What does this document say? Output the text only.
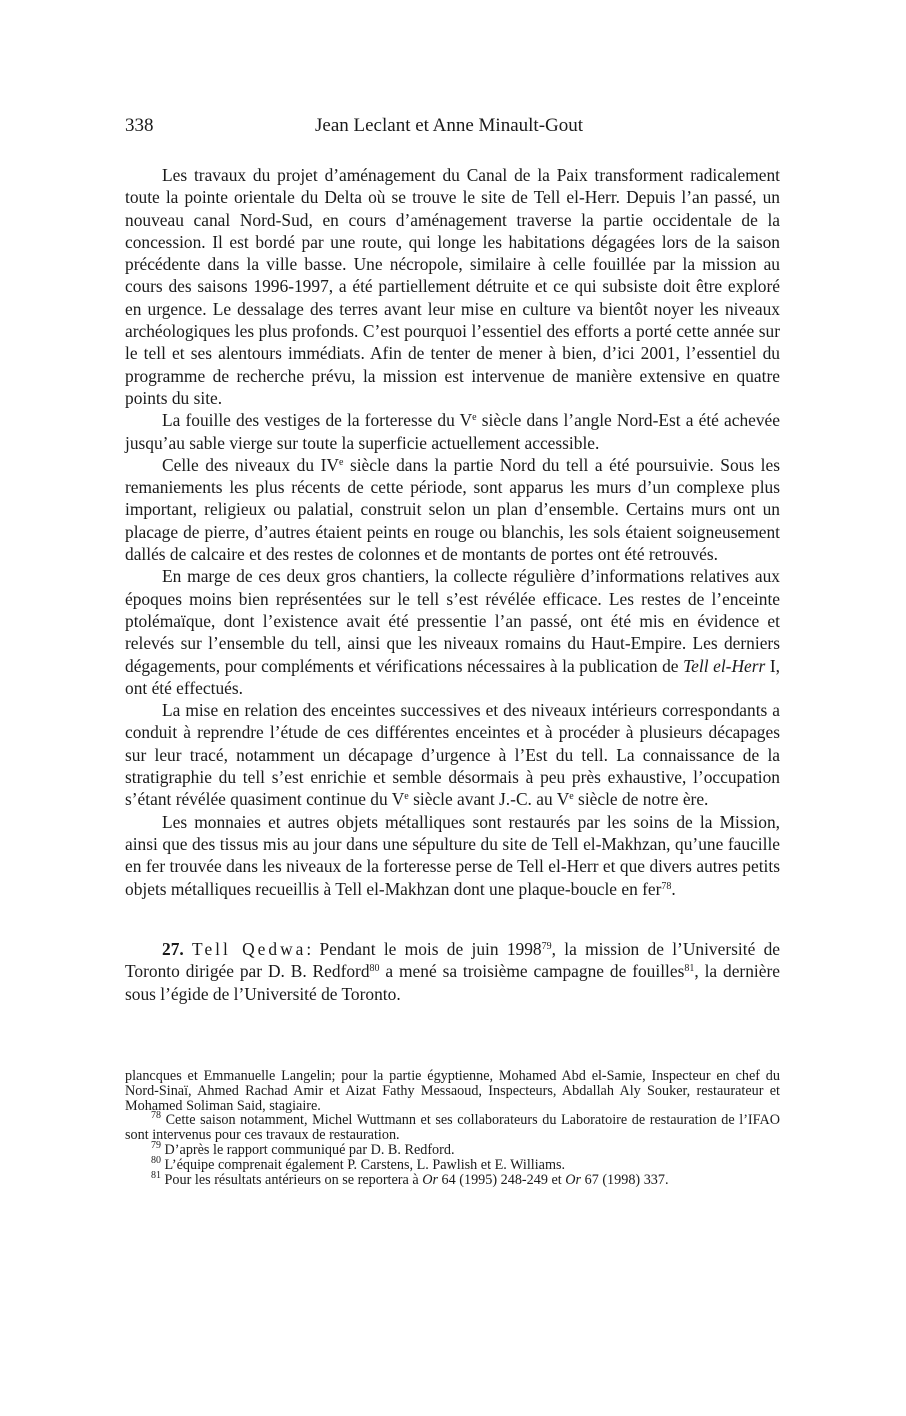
338	Jean Leclant et Anne Minault-Gout

Les travaux du projet d’aménagement du Canal de la Paix transforment radicalement toute la pointe orientale du Delta où se trouve le site de Tell el-Herr. Depuis l’an passé, un nouveau canal Nord-Sud, en cours d’aménagement traverse la partie occidentale de la concession. Il est bordé par une route, qui longe les habitations dégagées lors de la saison précédente dans la ville basse. Une nécropole, similaire à celle fouillée par la mission au cours des saisons 1996-1997, a été partiellement détruite et ce qui subsiste doit être exploré en urgence. Le dessalage des terres avant leur mise en culture va bientôt noyer les niveaux archéologiques les plus profonds. C’est pourquoi l’essentiel des efforts a porté cette année sur le tell et ses alentours immédiats. Afin de tenter de mener à bien, d’ici 2001, l’essentiel du programme de recherche prévu, la mission est intervenue de manière extensive en quatre points du site.

La fouille des vestiges de la forteresse du Ve siècle dans l’angle Nord-Est a été achevée jusqu’au sable vierge sur toute la superficie actuellement accessible.

Celle des niveaux du IVe siècle dans la partie Nord du tell a été poursuivie. Sous les remaniements les plus récents de cette période, sont apparus les murs d’un complexe plus important, religieux ou palatial, construit selon un plan d’ensemble. Certains murs ont un placage de pierre, d’autres étaient peints en rouge ou blanchis, les sols étaient soigneusement dallés de calcaire et des restes de colonnes et de montants de portes ont été retrouvés.

En marge de ces deux gros chantiers, la collecte régulière d’informations relatives aux époques moins bien représentées sur le tell s’est révélée efficace. Les restes de l’enceinte ptolémaïque, dont l’existence avait été pressentie l’an passé, ont été mis en évidence et relevés sur l’ensemble du tell, ainsi que les niveaux romains du Haut-Empire. Les derniers dégagements, pour compléments et vérifications nécessaires à la publication de Tell el-Herr I, ont été effectués.

La mise en relation des enceintes successives et des niveaux intérieurs correspondants a conduit à reprendre l’étude de ces différentes enceintes et à procéder à plusieurs décapages sur leur tracé, notamment un décapage d’urgence à l’Est du tell. La connaissance de la stratigraphie du tell s’est enrichie et semble désormais à peu près exhaustive, l’occupation s’étant révélée quasiment continue du Ve siècle avant J.-C. au Ve siècle de notre ère.

Les monnaies et autres objets métalliques sont restaurés par les soins de la Mission, ainsi que des tissus mis au jour dans une sépulture du site de Tell el-Makhzan, qu’une faucille en fer trouvée dans les niveaux de la forteresse perse de Tell el-Herr et que divers autres petits objets métalliques recueillis à Tell el-Makhzan dont une plaque-boucle en fer$^{78}$.

27. Tell Qedwa: Pendant le mois de juin 1998$^{79}$, la mission de l’Université de Toronto dirigée par D. B. Redford$^{80}$ a mené sa troisième campagne de fouilles$^{81}$, la dernière sous l’égide de l’Université de Toronto.

plancques et Emmanuelle Langelin; pour la partie égyptienne, Mohamed Abd el-Samie, Inspecteur en chef du Nord-Sinaï, Ahmed Rachad Amir et Aizat Fathy Messaoud, Inspecteurs, Abdallah Aly Souker, restaurateur et Mohamed Soliman Said, stagiaire.

$^{78}$ Cette saison notamment, Michel Wuttmann et ses collaborateurs du Laboratoire de restauration de l’IFAO sont intervenus pour ces travaux de restauration.

$^{79}$ D’après le rapport communiqué par D. B. Redford.

$^{80}$ L’équipe comprenait également P. Carstens, L. Pawlish et E. Williams.

$^{81}$ Pour les résultats antérieurs on se reportera à Or 64 (1995) 248-249 et Or 67 (1998) 337.
